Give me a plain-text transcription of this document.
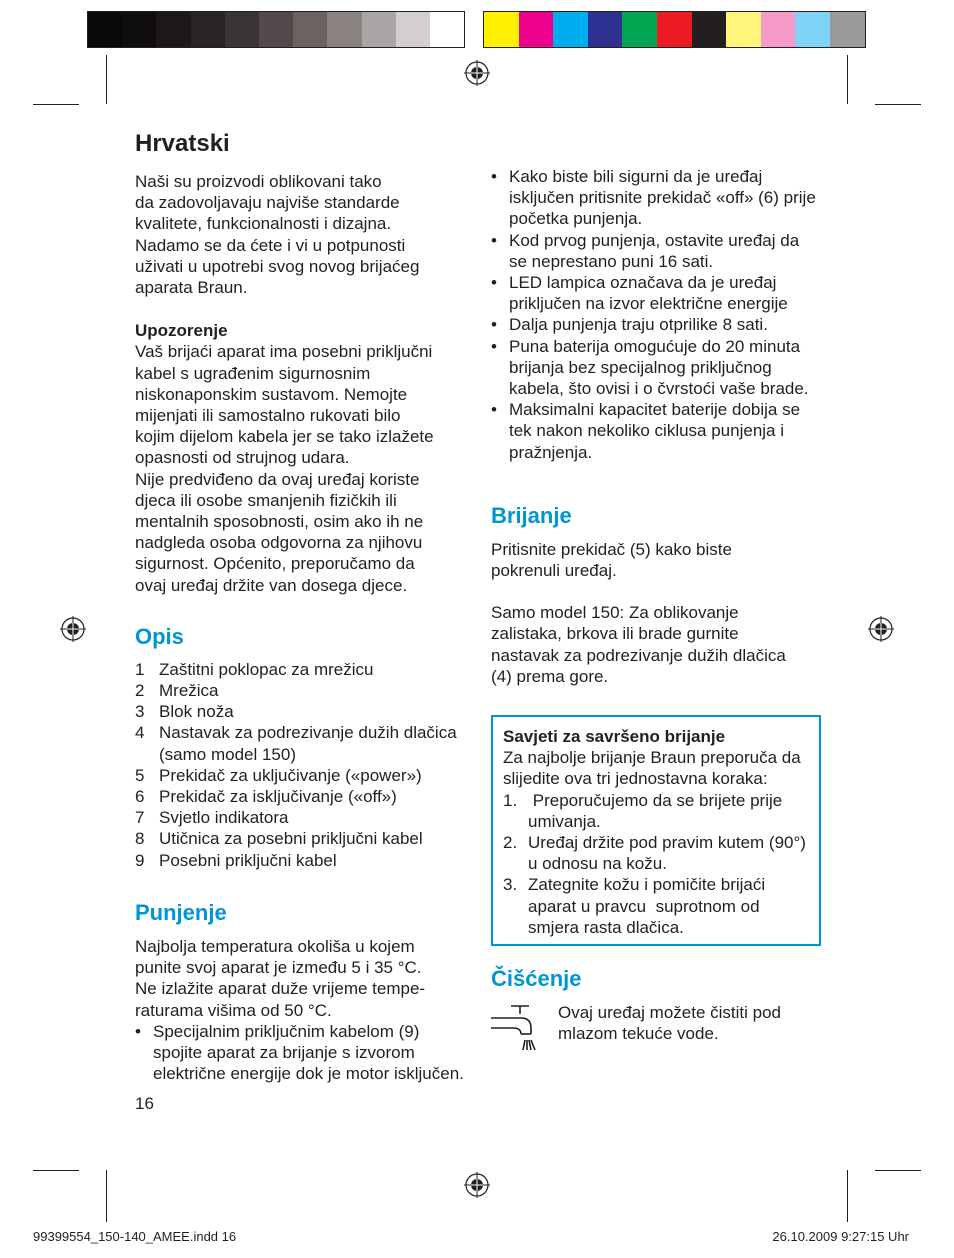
Hrvatski

Naši su proizvodi oblikovani tako
da zadovoljavaju najviše standarde
kvalitete, funkcionalnosti i dizajna.
Nadamo se da ćete i vi u potpunosti
uživati u upotrebi svog novog brijaćeg
aparata Braun.

Upozorenje

Vaš brijaći aparat ima posebni priključni
kabel s ugrađenim sigurnosnim
niskonaponskim sustavom. Nemojte
mijenjati ili samostalno rukovati bilo
kojim dijelom kabela jer se tako izlažete
opasnosti od strujnog udara.
Nije predviđeno da ovaj uređaj koriste
djeca ili osobe smanjenih fizičkih ili
mentalnih sposobnosti, osim ako ih ne
nadgleda osoba odgovorna za njihovu
sigurnost. Općenito, preporučamo da
ovaj uređaj držite van dosega djece.

Opis
1 Zaštitni poklopac za mrežicu
2 Mrežica
3 Blok noža
4 Nastavak za podrezivanje dužih dlačica (samo model 150)
5 Prekidač za uključivanje («power»)
6 Prekidač za isključivanje («off»)
7 Svjetlo indikatora
8 Utičnica za posebni priključni kabel
9 Posebni priključni kabel
Punjenje

Najbolja temperatura okoliša u kojem
punite svoj aparat je između 5 i 35 °C.
Ne izlažite aparat duže vrijeme tempe-
raturama višima od 50 °C.

• Specijalnim priključnim kabelom (9) spojite aparat za brijanje s izvorom električne energije dok je motor isključen.

16

• Kako biste bili sigurni da je uređaj isključen pritisnite prekidač «off» (6) prije početka punjenja.
• Kod prvog punjenja, ostavite uređaj da se neprestano puni 16 sati.
• LED lampica označava da je uređaj priključen na izvor električne energije
• Dalja punjenja traju otprilike 8 sati.
• Puna baterija omogućuje do 20 minuta brijanja bez specijalnog priključnog kabela, što ovisi i o čvrstoći vaše brade.
• Maksimalni kapacitet baterije dobija se tek nakon nekoliko ciklusa punjenja i pražnjenja.
Brijanje

Pritisnite prekidač (5) kako biste
pokrenuli uređaj.

Samo model 150: Za oblikovanje
zalistaka, brkova ili brade gurnite
nastavak za podrezivanje dužih dlačica
(4) prema gore.

Savjeti za savršeno brijanje

Za najbolje brijanje Braun preporuča da slijedite ova tri jednostavna koraka:

1. Preporučujemo da se brijete prije umivanja.
2. Uređaj držite pod pravim kutem (90°) u odnosu na kožu.
3. Zategnite kožu i pomičite brijaći aparat u pravcu  suprotnom od smjera rasta dlačica.
Čišćenje

Ovaj uređaj možete čistiti pod
mlazom tekuće vode.

99399554_150-140_AMEE.indd 16	26.10.2009 9:27:15 Uhr
